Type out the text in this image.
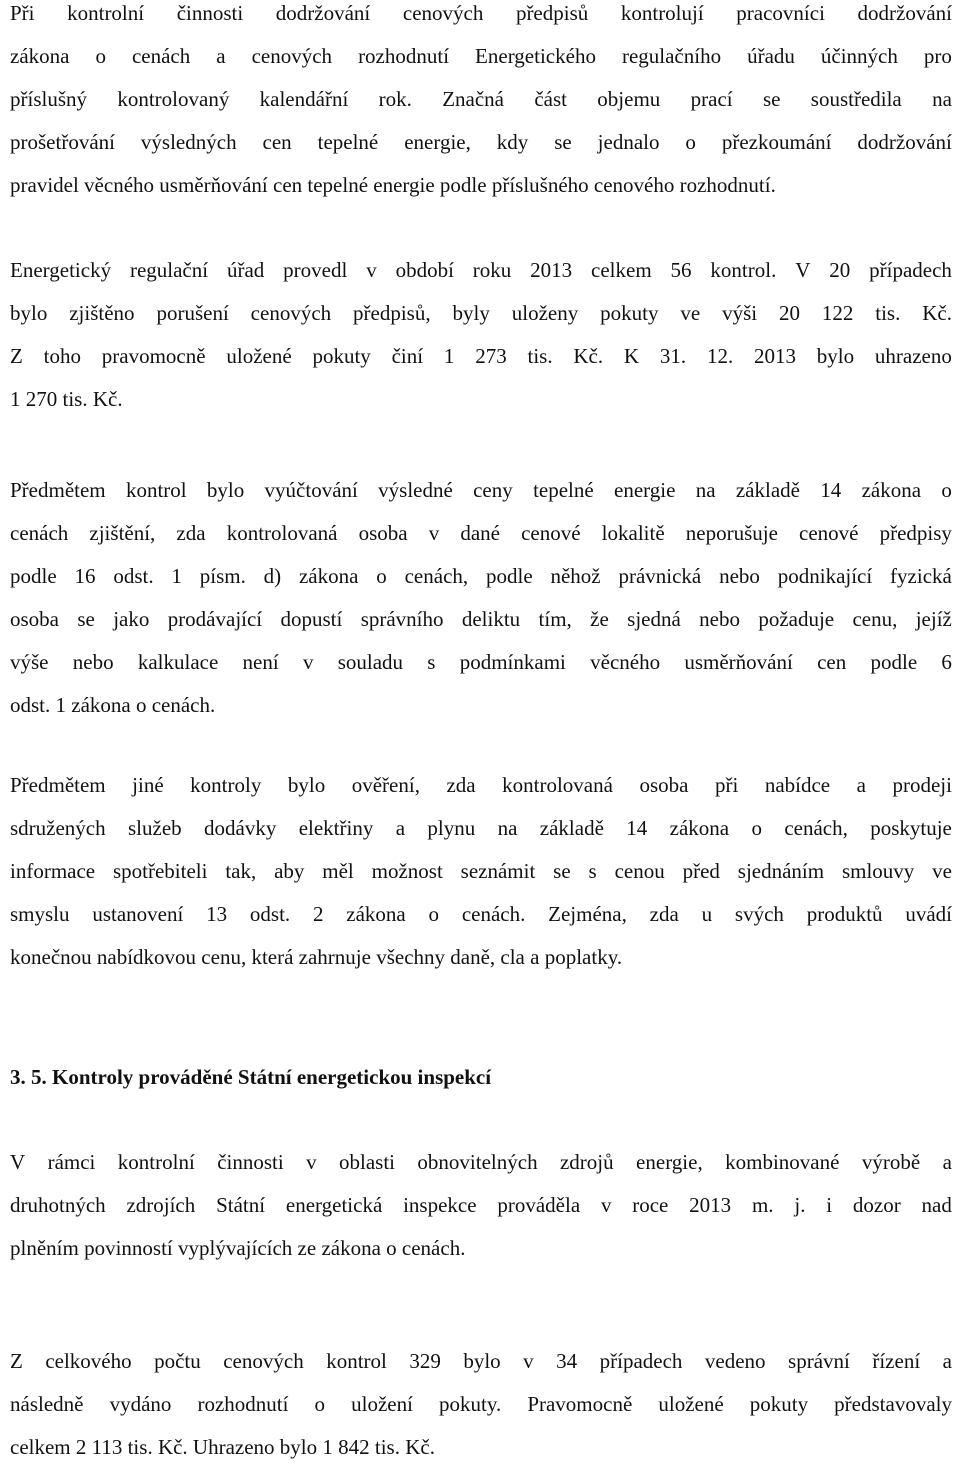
Při kontrolní činnosti dodržování cenových předpisů kontrolují pracovníci dodržování
zákona o cenách a cenových rozhodnutí Energetického regulačního úřadu účinných pro
příslušný kontrolovaný kalendářní rok. Značná část objemu prací se soustředila na
prošetřování výsledných cen tepelné energie, kdy se jednalo o přezkoumání dodržování
pravidel věcného usměrňování cen tepelné energie podle příslušného cenového rozhodnutí.
Energetický regulační úřad provedl v období roku 2013 celkem 56 kontrol. V 20 případech
bylo zjištěno porušení cenových předpisů, byly uloženy pokuty ve výši 20 122 tis. Kč.
Z toho pravomocně uložené pokuty činí 1 273 tis. Kč. K 31. 12. 2013 bylo uhrazeno
1 270 tis. Kč.
Předmětem kontrol bylo vyúčtování výsledné ceny tepelné energie na základě 14 zákona o
cenách zjištění, zda kontrolovaná osoba v dané cenové lokalitě neporušuje cenové předpisy
podle 16 odst. 1 písm. d) zákona o cenách, podle něhož právnická nebo podnikající fyzická
osoba se jako prodávající dopustí správního deliktu tím, že sjedná nebo požaduje cenu, jejíž
výše nebo kalkulace není v souladu s podmínkami věcného usměrňování cen podle 6
odst. 1 zákona o cenách.
Předmětem jiné kontroly bylo ověření, zda kontrolovaná osoba při nabídce a prodeji
sdružených služeb dodávky elektřiny a plynu na základě 14 zákona o cenách, poskytuje
informace spotřebiteli tak, aby měl možnost seznámit se s cenou před sjednáním smlouvy ve
smyslu ustanovení 13 odst. 2 zákona o cenách. Zejména, zda u svých produktů uvádí
konečnou nabídkovou cenu, která zahrnuje všechny daně, cla a poplatky.
3. 5. Kontroly prováděné Státní energetickou inspekcí
V rámci kontrolní činnosti v oblasti obnovitelných zdrojů energie, kombinované výrobě a
druhotných zdrojích Státní energetická inspekce prováděla v roce 2013 m. j. i dozor nad
plněním povinností vyplývajících ze zákona o cenách.
Z celkového počtu cenových kontrol 329 bylo v 34 případech vedeno správní řízení a
následně vydáno rozhodnutí o uložení pokuty. Pravomocně uložené pokuty představovaly
celkem 2 113 tis. Kč. Uhrazeno bylo 1 842 tis. Kč.
